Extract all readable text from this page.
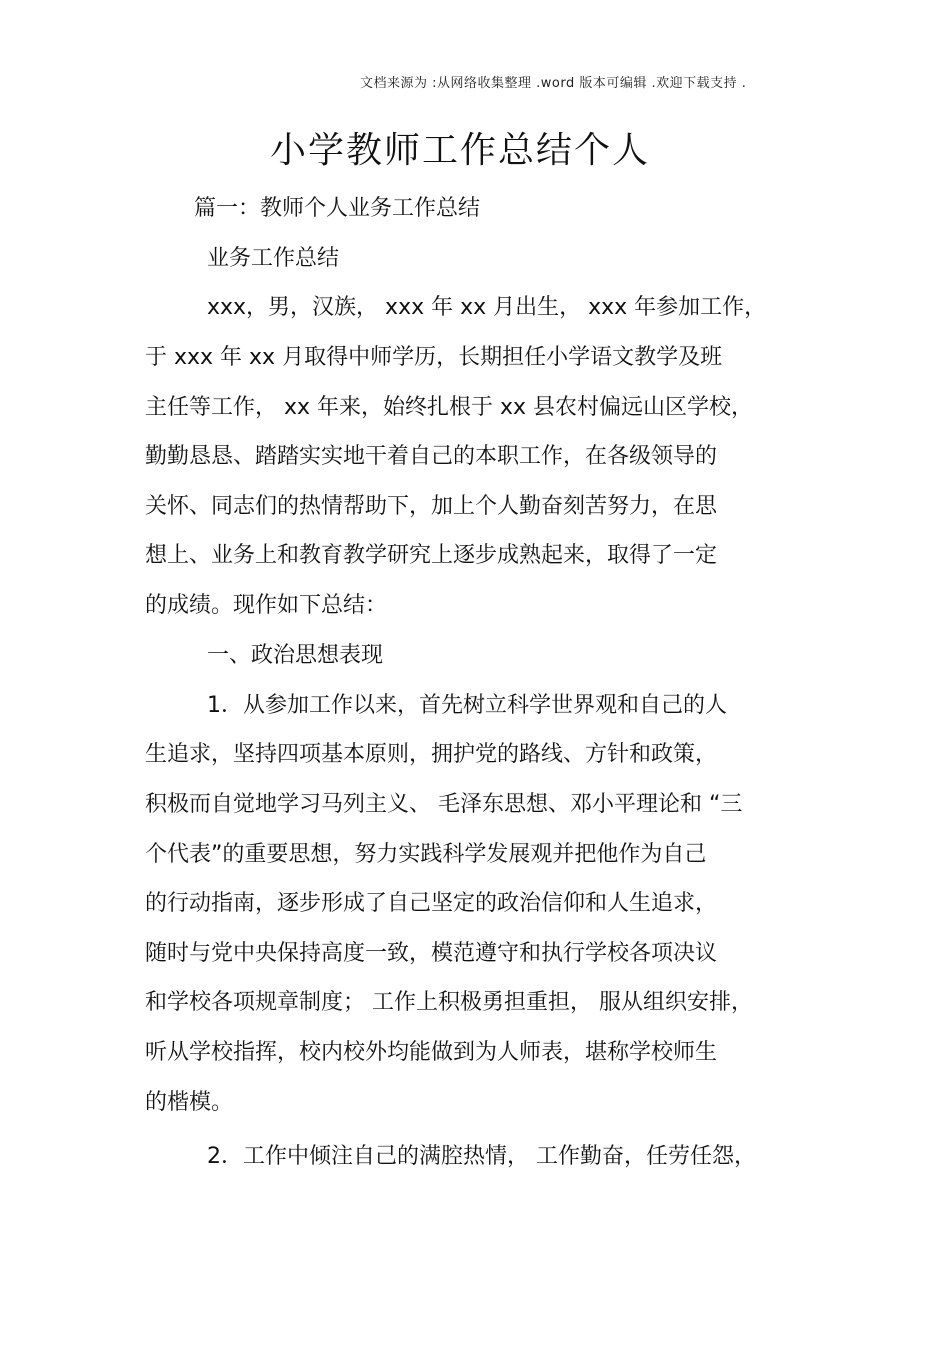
文档来源为 :从网络收集整理 .word 版本可编辑 .欢迎下载支持 .
小学教师工作总结个人
篇一：教师个人业务工作总结
业务工作总结
xxx，男，汉族， xxx 年 xx 月出生， xxx 年参加工作，
于 xxx 年 xx 月取得中师学历，长期担任小学语文教学及班
主任等工作， xx 年来，始终扎根于 xx 县农村偏远山区学校，
勤勤恳恳、踏踏实实地干着自己的本职工作，在各级领导的
关怀、同志们的热情帮助下，加上个人勤奋刻苦努力，在思
想上、业务上和教育教学研究上逐步成熟起来，取得了一定
的成绩。现作如下总结：
一、政治思想表现
1．从参加工作以来，首先树立科学世界观和自己的人
生追求，坚持四项基本原则，拥护党的路线、方针和政策，
积极而自觉地学习马列主义、 毛泽东思想、邓小平理论和 “三
个代表”的重要思想，努力实践科学发展观并把他作为自己
的行动指南，逐步形成了自己坚定的政治信仰和人生追求，
随时与党中央保持高度一致，模范遵守和执行学校各项决议
和学校各项规章制度； 工作上积极勇担重担， 服从组织安排，
听从学校指挥，校内校外均能做到为人师表，堪称学校师生
的楷模。
2．工作中倾注自己的满腔热情， 工作勤奋，任劳任怨，
